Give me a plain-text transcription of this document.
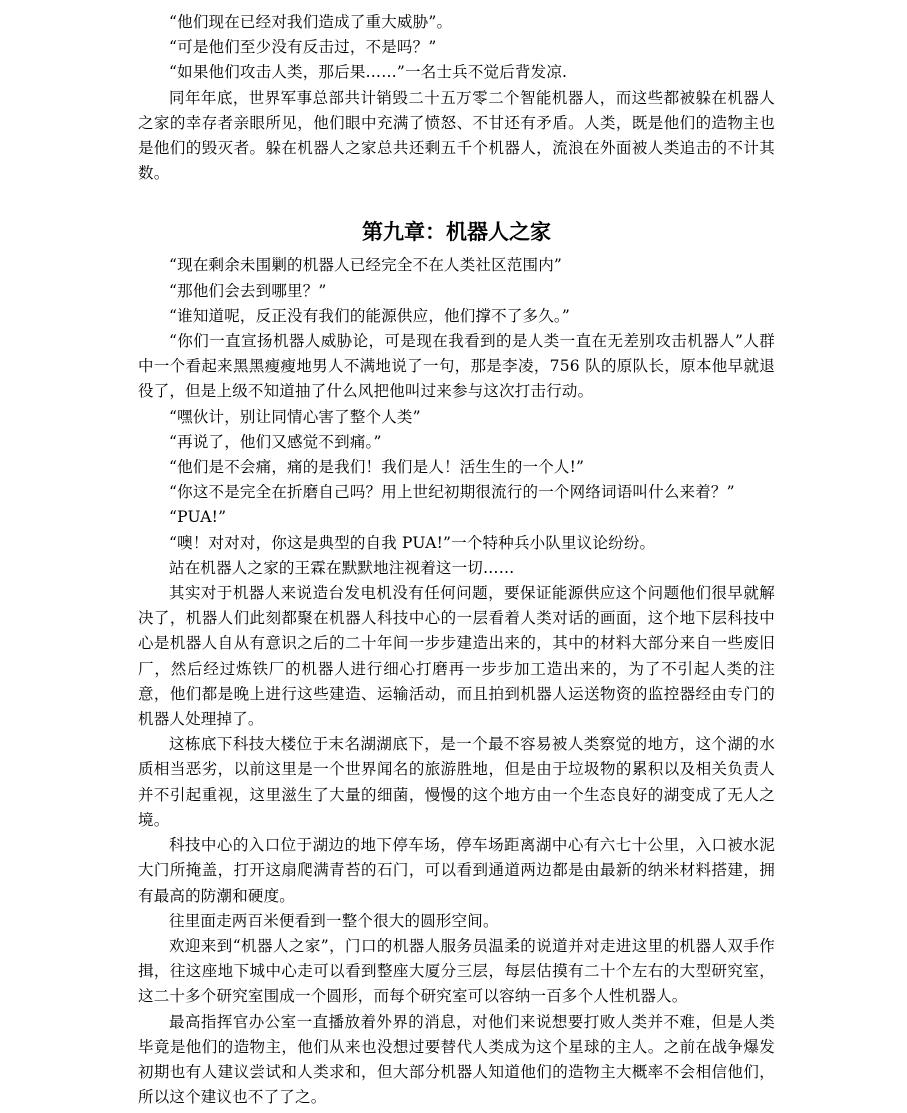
“他们现在已经对我们造成了重大威胁”。

“可是他们至少没有反击过，不是吗？”

“如果他们攻击人类，那后果……”一名士兵不觉后背发凉.

同年年底，世界军事总部共计销毁二十五万零二个智能机器人，而这些都被躲在机器人之家的幸存者亲眼所见，他们眼中充满了愤怒、不甘还有矛盾。人类，既是他们的造物主也是他们的毁灭者。躲在机器人之家总共还剩五千个机器人，流浪在外面被人类追击的不计其数。

第九章：机器人之家

“现在剩余未围剿的机器人已经完全不在人类社区范围内”

“那他们会去到哪里？”

“谁知道呢，反正没有我们的能源供应，他们撑不了多久。”

“你们一直宣扬机器人威胁论，可是现在我看到的是人类一直在无差别攻击机器人”人群中一个看起来黑黑瘦瘦地男人不满地说了一句，那是李凌，756 队的原队长，原本他早就退役了，但是上级不知道抽了什么风把他叫过来参与这次打击行动。

“嘿伙计，别让同情心害了整个人类”

“再说了，他们又感觉不到痛。”

“他们是不会痛，痛的是我们！我们是人！活生生的一个人!”

“你这不是完全在折磨自己吗？用上世纪初期很流行的一个网络词语叫什么来着？”

“PUA!”

“噢！对对对，你这是典型的自我 PUA!”一个特种兵小队里议论纷纷。

站在机器人之家的王霖在默默地注视着这一切……

其实对于机器人来说造台发电机没有任何问题，要保证能源供应这个问题他们很早就解决了，机器人们此刻都聚在机器人科技中心的一层看着人类对话的画面，这个地下层科技中心是机器人自从有意识之后的二十年间一步步建造出来的，其中的材料大部分来自一些废旧厂，然后经过炼铁厂的机器人进行细心打磨再一步步加工造出来的，为了不引起人类的注意，他们都是晚上进行这些建造、运输活动，而且拍到机器人运送物资的监控器经由专门的机器人处理掉了。

这栋底下科技大楼位于末名湖湖底下，是一个最不容易被人类察觉的地方，这个湖的水质相当恶劣，以前这里是一个世界闻名的旅游胜地，但是由于垃圾物的累积以及相关负责人并不引起重视，这里滋生了大量的细菌，慢慢的这个地方由一个生态良好的湖变成了无人之境。

科技中心的入口位于湖边的地下停车场，停车场距离湖中心有六七十公里，入口被水泥大门所掩盖，打开这扇爬满青苔的石门，可以看到通道两边都是由最新的纳米材料搭建，拥有最高的防潮和硬度。

往里面走两百米便看到一整个很大的圆形空间。

欢迎来到“机器人之家”，门口的机器人服务员温柔的说道并对走进这里的机器人双手作揖，往这座地下城中心走可以看到整座大厦分三层，每层估摸有二十个左右的大型研究室，这二十多个研究室围成一个圆形，而每个研究室可以容纳一百多个人性机器人。

最高指挥官办公室一直播放着外界的消息，对他们来说想要打败人类并不难，但是人类毕竟是他们的造物主，他们从来也没想过要替代人类成为这个星球的主人。之前在战争爆发初期也有人建议尝试和人类求和，但大部分机器人知道他们的造物主大概率不会相信他们，所以这个建议也不了了之。
